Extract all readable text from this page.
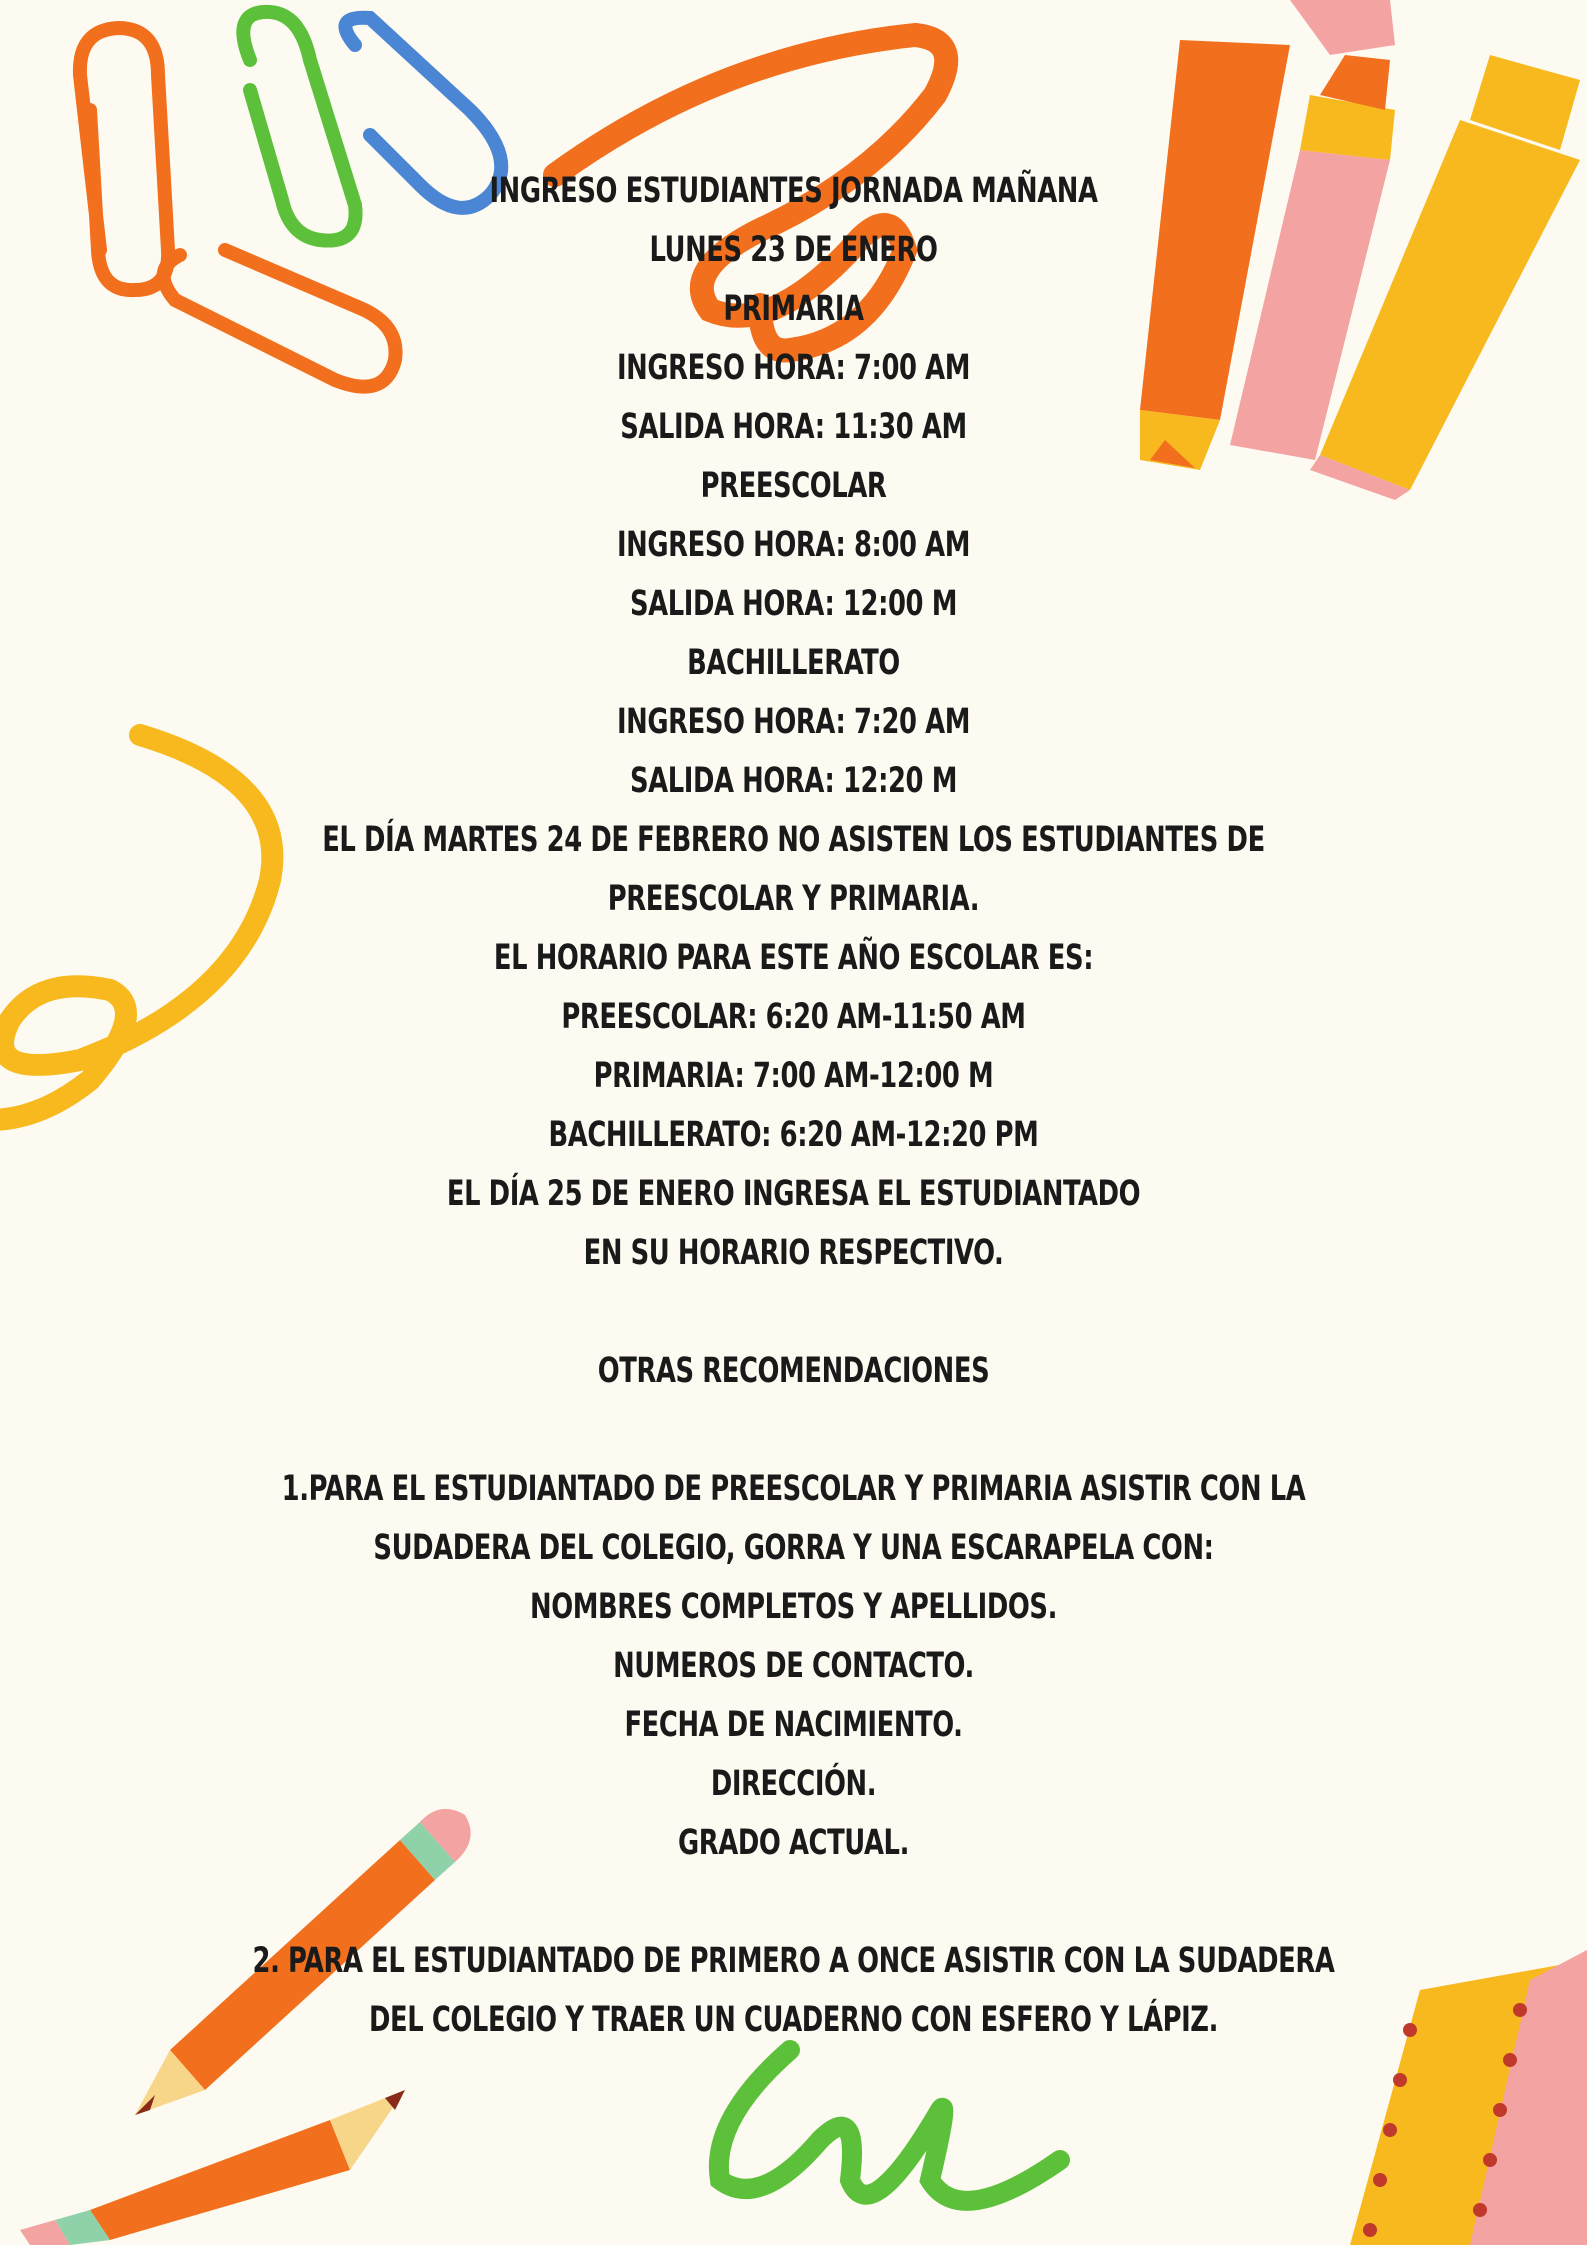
INGRESO ESTUDIANTES JORNADA MAÑANA
LUNES 23 DE ENERO
PRIMARIA
INGRESO HORA: 7:00 AM
SALIDA HORA: 11:30 AM
PREESCOLAR
INGRESO HORA: 8:00 AM
SALIDA HORA: 12:00 M
BACHILLERATO
INGRESO HORA: 7:20 AM
SALIDA HORA: 12:20 M
EL DÍA MARTES 24 DE FEBRERO NO ASISTEN LOS ESTUDIANTES DE
PREESCOLAR Y PRIMARIA.
EL HORARIO PARA ESTE AÑO ESCOLAR ES:
PREESCOLAR: 6:20 AM-11:50 AM
PRIMARIA: 7:00 AM-12:00 M
BACHILLERATO: 6:20 AM-12:20 PM
EL DÍA 25 DE ENERO INGRESA EL ESTUDIANTADO
EN SU HORARIO RESPECTIVO.
OTRAS RECOMENDACIONES
1.PARA EL ESTUDIANTADO DE PREESCOLAR Y PRIMARIA ASISTIR CON LA
SUDADERA DEL COLEGIO, GORRA Y UNA ESCARAPELA CON:
NOMBRES COMPLETOS Y APELLIDOS.
NUMEROS DE CONTACTO.
FECHA DE NACIMIENTO.
DIRECCIÓN.
GRADO ACTUAL.
2. PARA EL ESTUDIANTADO DE PRIMERO A ONCE ASISTIR CON LA SUDADERA
DEL COLEGIO Y TRAER UN CUADERNO CON ESFERO Y LÁPIZ.
